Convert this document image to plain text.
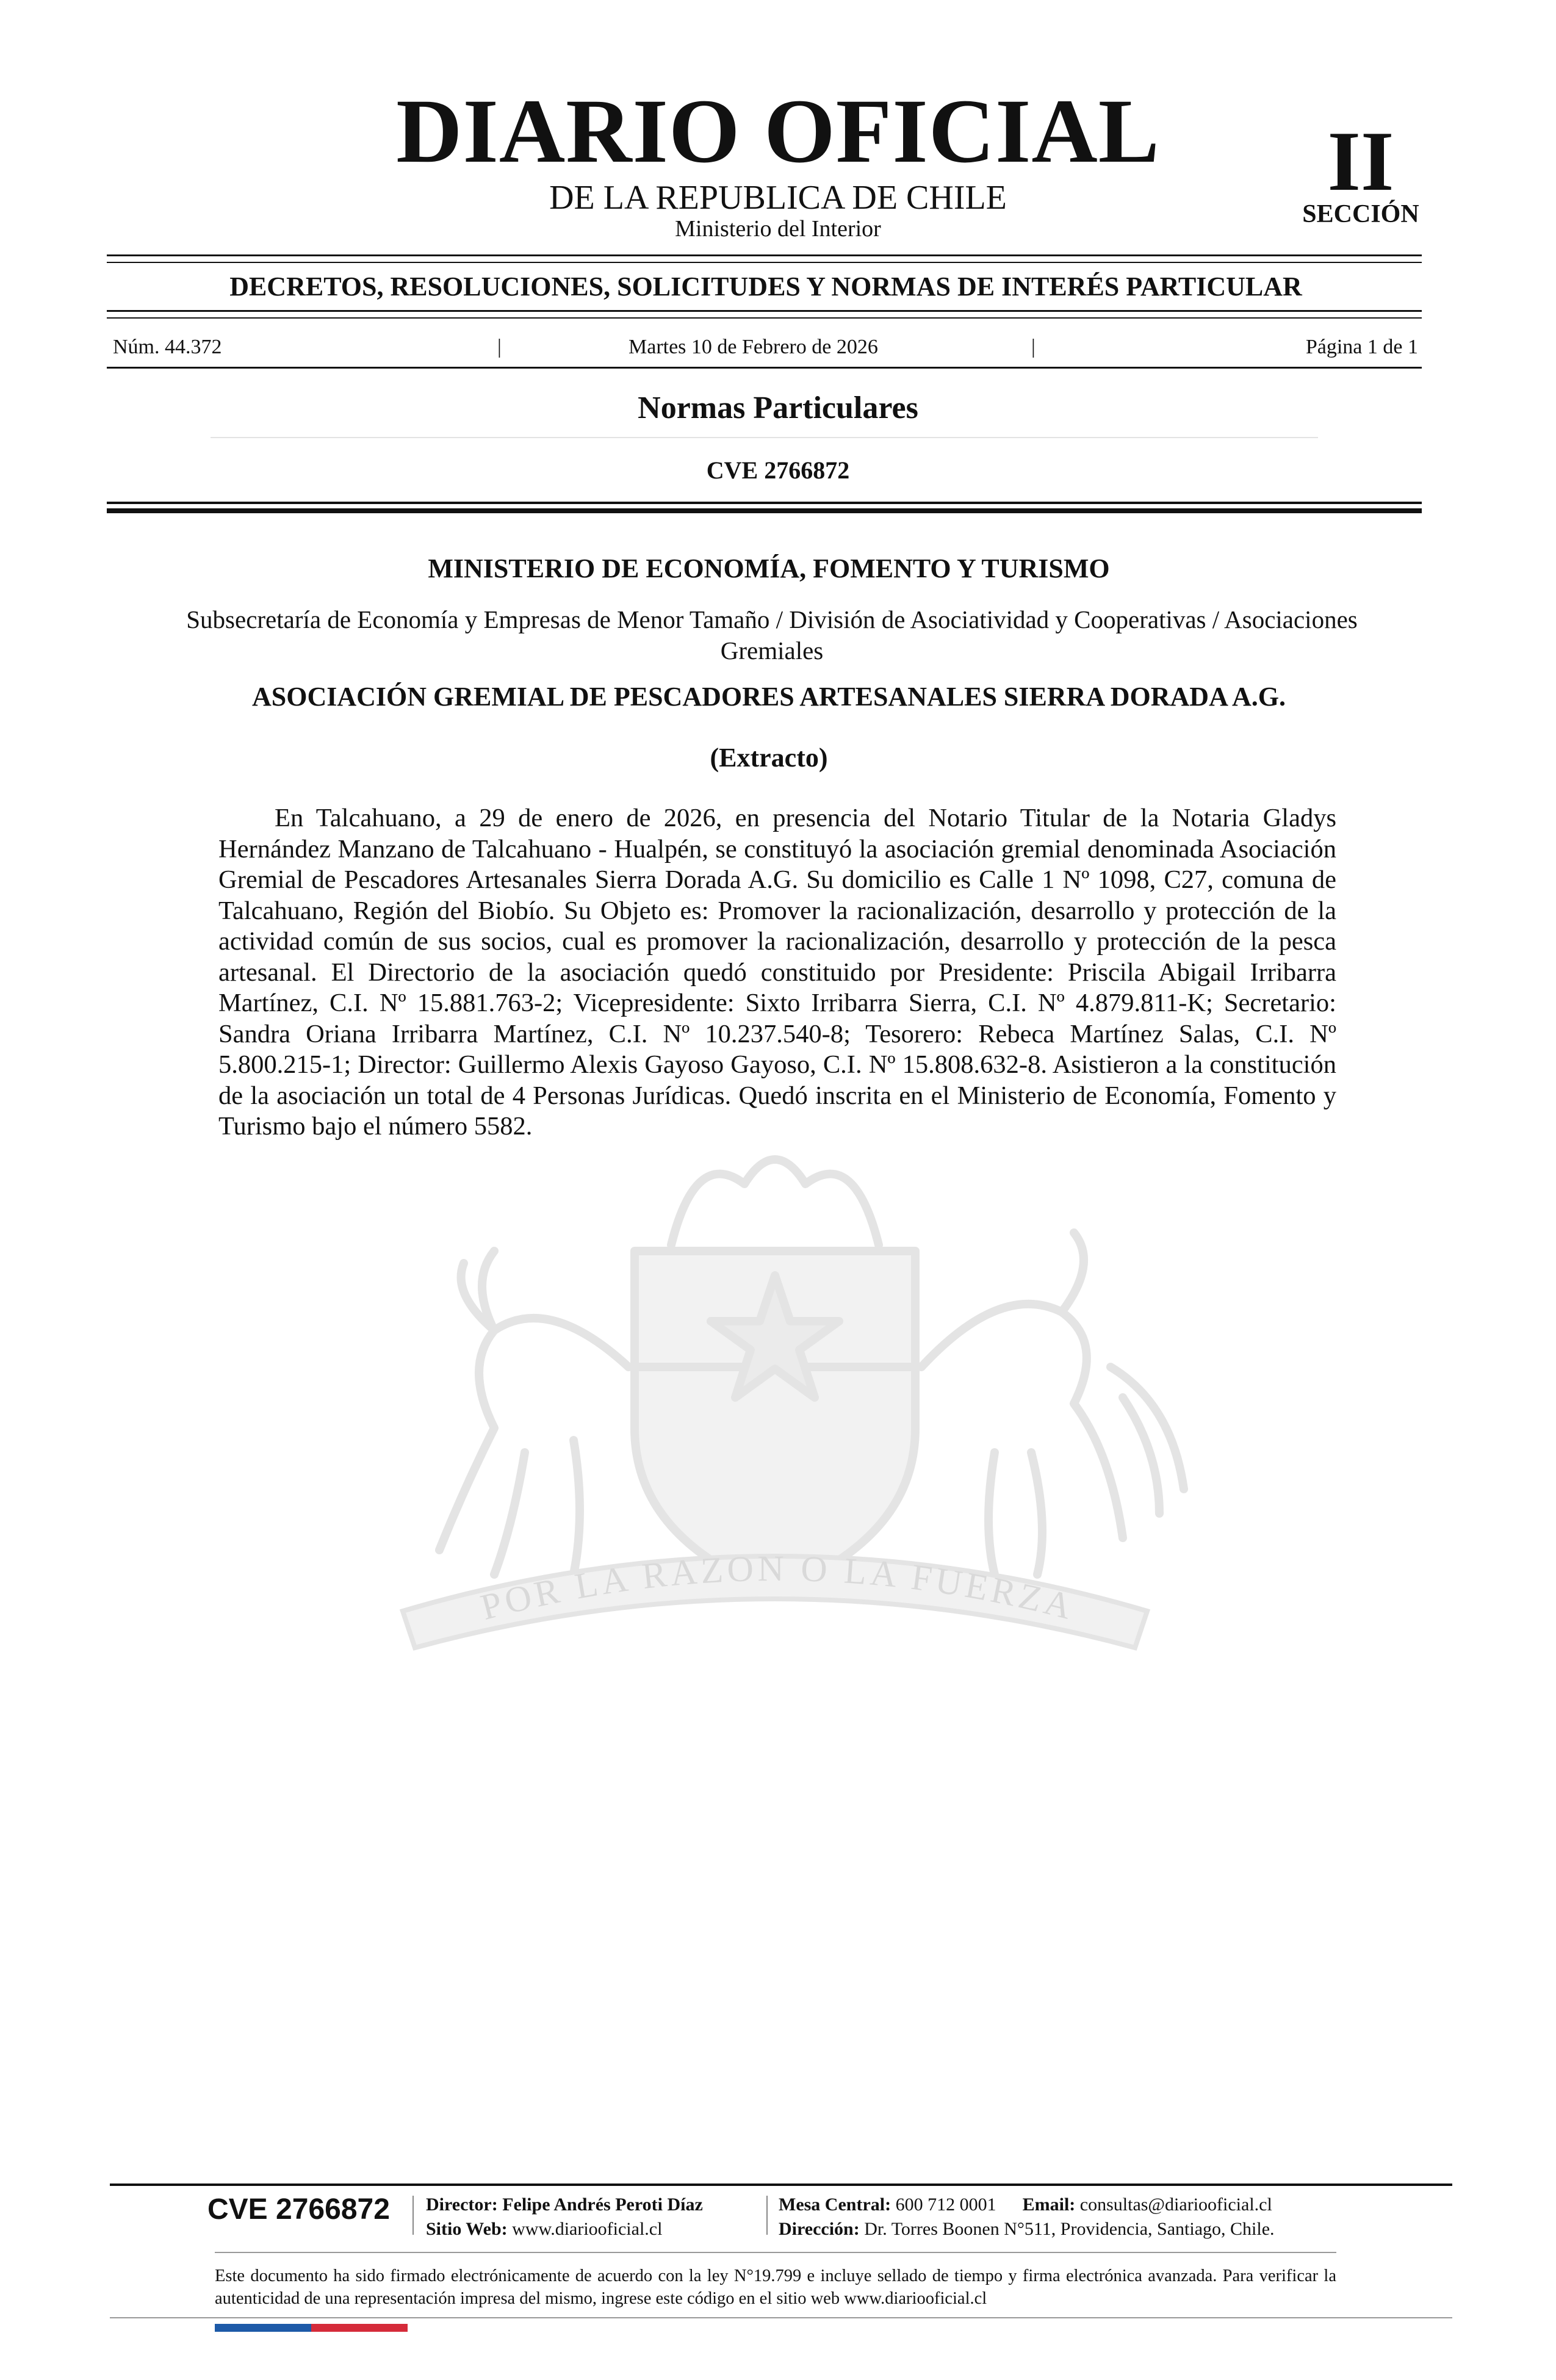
DIARIO OFICIAL
DE LA REPUBLICA DE CHILE
Ministerio del Interior
II
SECCIÓN
DECRETOS, RESOLUCIONES, SOLICITUDES Y NORMAS DE INTERÉS PARTICULAR
Núm. 44.372	|	Martes 10 de Febrero de 2026	|	Página 1 de 1
Normas Particulares
CVE 2766872
POR LA RAZON O LA FUERZA
MINISTERIO DE ECONOMÍA, FOMENTO Y TURISMO
Subsecretaría de Economía y Empresas de Menor Tamaño / División de Asociatividad y Cooperativas / Asociaciones Gremiales
ASOCIACIÓN GREMIAL DE PESCADORES ARTESANALES SIERRA DORADA A.G.
(Extracto)
En Talcahuano, a 29 de enero de 2026, en presencia del Notario Titular de la Notaria Gladys Hernández Manzano de Talcahuano - Hualpén, se constituyó la asociación gremial denominada Asociación Gremial de Pescadores Artesanales Sierra Dorada A.G. Su domicilio es Calle 1 Nº 1098, C27, comuna de Talcahuano, Región del Biobío. Su Objeto es: Promover la racionalización, desarrollo y protección de la actividad común de sus socios, cual es promover la racionalización, desarrollo y protección de la pesca artesanal. El Directorio de la asociación quedó constituido por Presidente: Priscila Abigail Irribarra Martínez, C.I. Nº 15.881.763-2; Vicepresidente: Sixto Irribarra Sierra, C.I. Nº 4.879.811-K; Secretario: Sandra Oriana Irribarra Martínez, C.I. Nº 10.237.540-8; Tesorero: Rebeca Martínez Salas, C.I. Nº 5.800.215-1; Director: Guillermo Alexis Gayoso Gayoso, C.I. Nº 15.808.632-8. Asistieron a la constitución de la asociación un total de 4 Personas Jurídicas. Quedó inscrita en el Ministerio de Economía, Fomento y Turismo bajo el número 5582.
CVE 2766872 Director: Felipe Andrés Peroti Díaz
Sitio Web: www.diariooficial.cl
Mesa Central: 600 712 0001 Email: consultas@diariooficial.cl
Dirección: Dr. Torres Boonen N°511, Providencia, Santiago, Chile.
Este documento ha sido firmado electrónicamente de acuerdo con la ley N°19.799 e incluye sellado de tiempo y firma electrónica avanzada. Para verificar la autenticidad de una representación impresa del mismo, ingrese este código en el sitio web www.diariooficial.cl
